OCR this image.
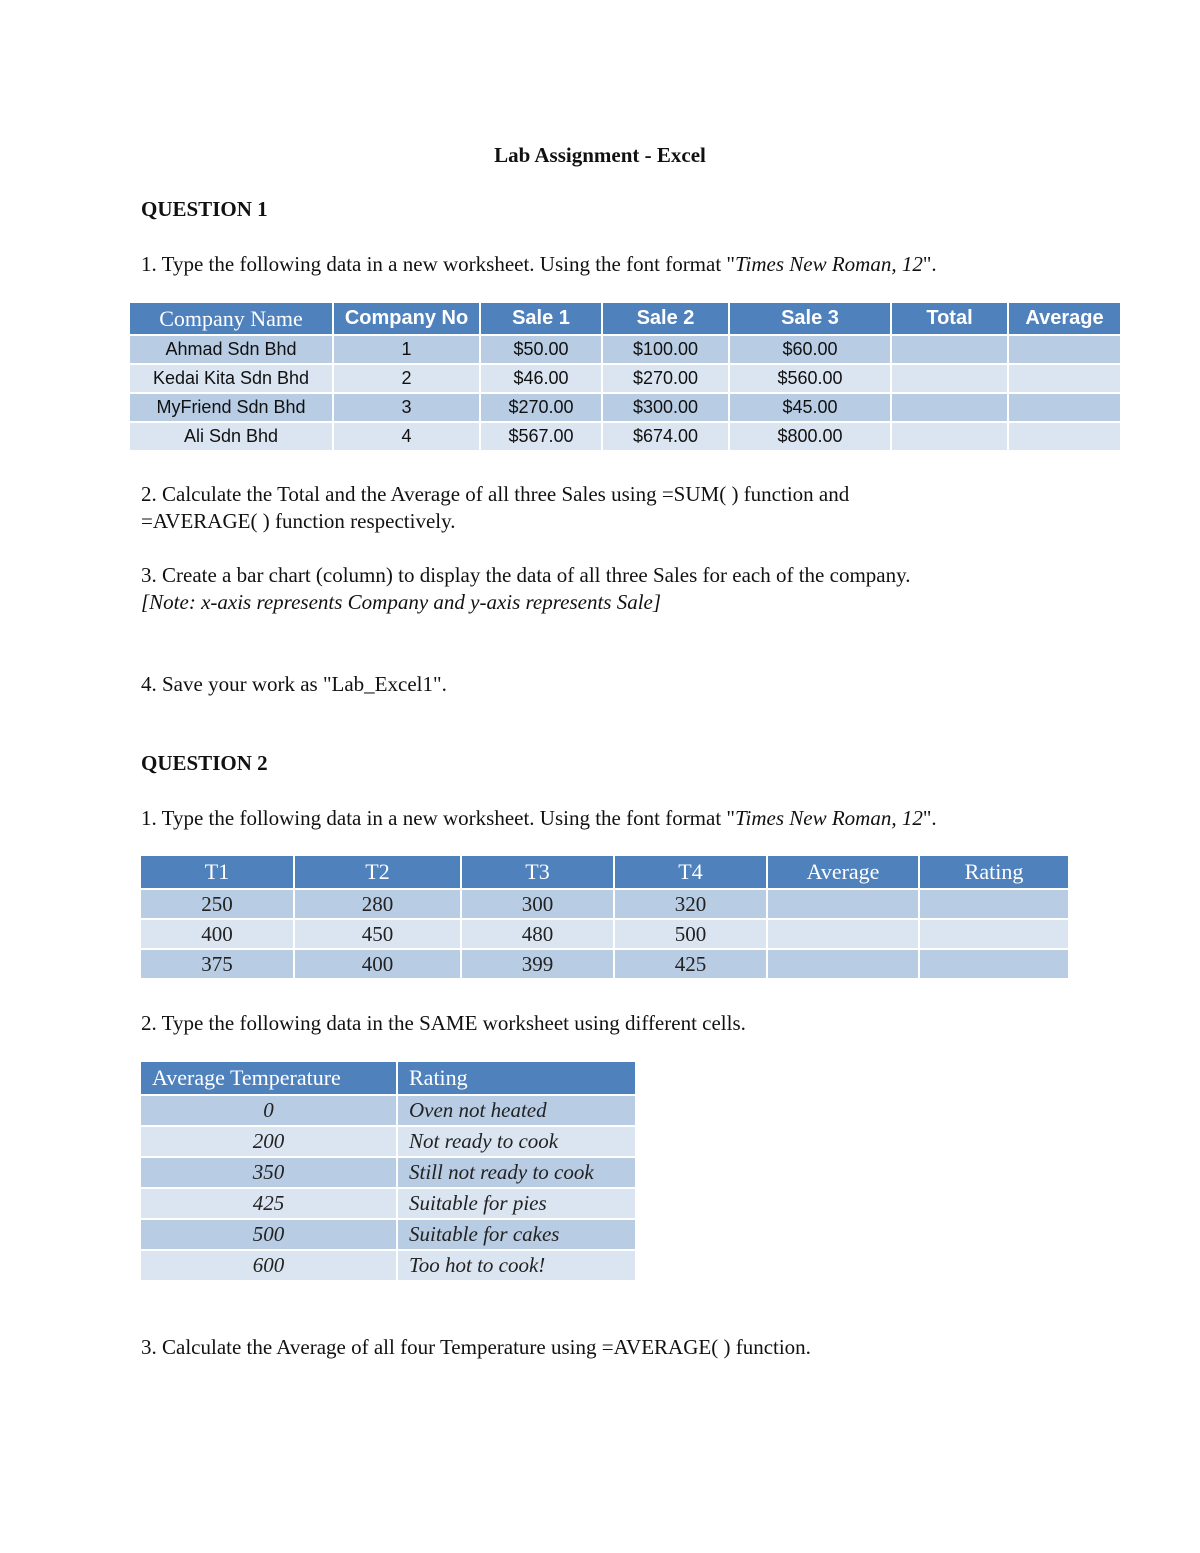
Lab Assignment - Excel
QUESTION 1
1. Type the following data in a new worksheet. Using the font format "Times New Roman, 12".
Company Name	Company No	Sale 1	Sale 2	Sale 3	Total	Average
Ahmad Sdn Bhd	1	$50.00	$100.00	$60.00		
Kedai Kita Sdn Bhd	2	$46.00	$270.00	$560.00		
MyFriend Sdn Bhd	3	$270.00	$300.00	$45.00		
Ali Sdn Bhd	4	$567.00	$674.00	$800.00		
2. Calculate the Total and the Average of all three Sales using =SUM( ) function and
=AVERAGE( ) function respectively.
3. Create a bar chart (column) to display the data of all three Sales for each of the company.
[Note: x-axis represents Company and y-axis represents Sale]
4. Save your work as "Lab_Excel1".
QUESTION 2
1. Type the following data in a new worksheet. Using the font format "Times New Roman, 12".
T1	T2	T3	T4	Average	Rating
250	280	300	320		
400	450	480	500		
375	400	399	425		
2. Type the following data in the SAME worksheet using different cells.
Average Temperature	Rating
0	Oven not heated
200	Not ready to cook
350	Still not ready to cook
425	Suitable for pies
500	Suitable for cakes
600	Too hot to cook!
3. Calculate the Average of all four Temperature using =AVERAGE( ) function.
